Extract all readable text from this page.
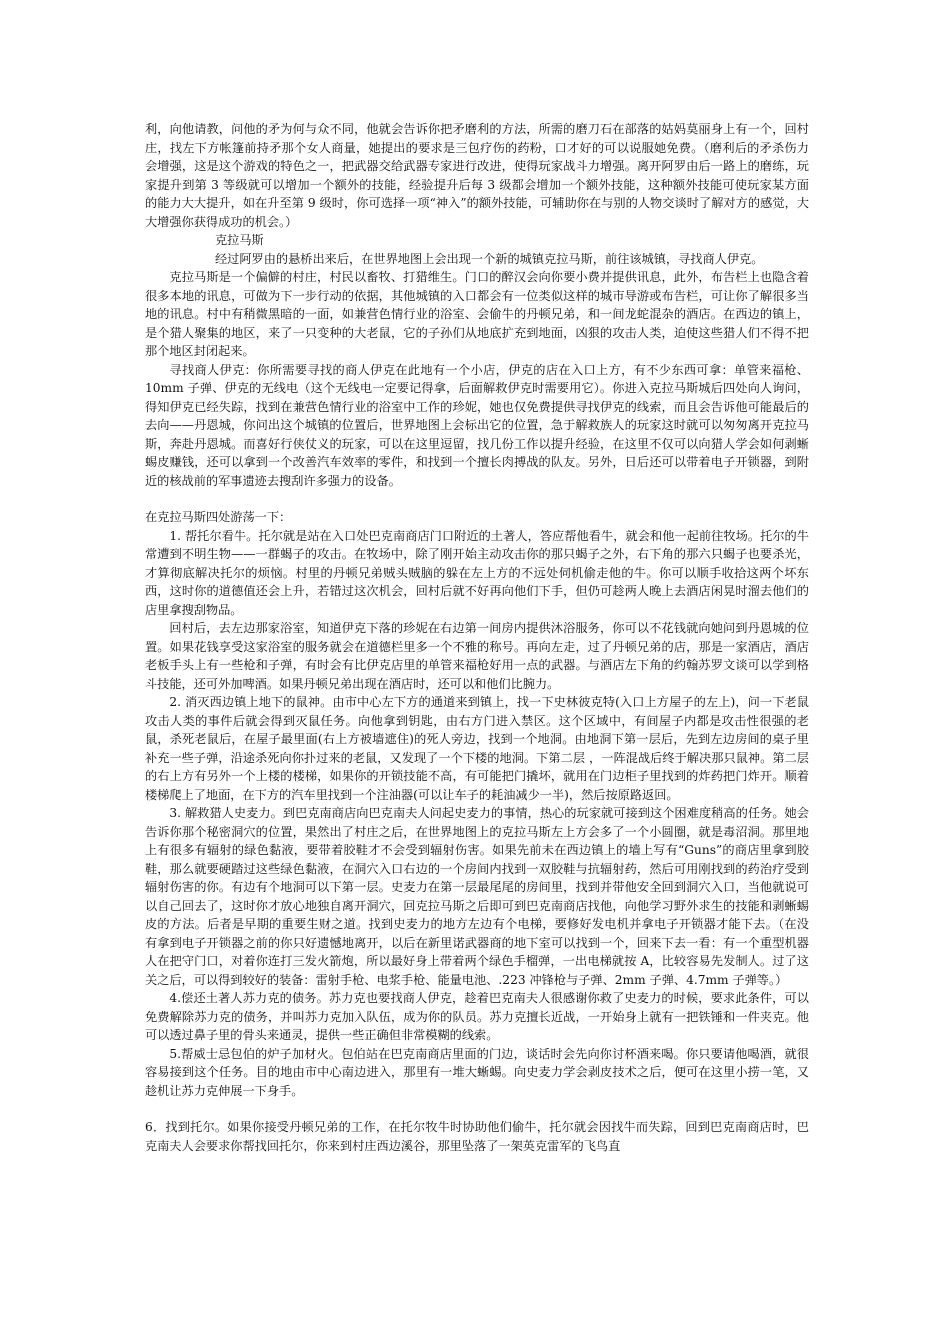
利，向他请教，问他的矛为何与众不同，他就会告诉你把矛磨利的方法，所需的磨刀石在部落的姑妈莫丽身上有一个，回村庄，找左下方帐篷前持矛那个女人商量，她提出的要求是三包疗伤的药粉，口才好的可以说服她免费。（磨利后的矛杀伤力会增强，这是这个游戏的特色之一，把武器交给武器专家进行改进，使得玩家战斗力增强。离开阿罗由后一路上的磨练，玩家提升到第 3 等级就可以增加一个额外的技能，经验提升后每 3 级都会增加一个额外技能，这种额外技能可使玩家某方面的能力大大提升，如在升至第 9 级时，你可选择一项“神入”的额外技能，可辅助你在与别的人物交谈时了解对方的感觉，大大增强你获得成功的机会。）

克拉马斯

经过阿罗由的悬桥出来后，在世界地图上会出现一个新的城镇克拉马斯，前往该城镇，寻找商人伊克。

克拉马斯是一个偏僻的村庄，村民以畜牧、打猎维生。门口的醉汉会向你要小费并提供讯息，此外，布告栏上也隐含着很多本地的讯息，可做为下一步行动的依据，其他城镇的入口都会有一位类似这样的城市导游或布告栏，可让你了解很多当地的讯息。村中有稍微黑暗的一面，如兼营色情行业的浴室、会偷牛的丹顿兄弟，和一间龙蛇混杂的酒店。在西边的镇上，是个猎人聚集的地区，来了一只变种的大老鼠，它的子孙们从地底扩充到地面，凶狠的攻击人类，迫使这些猎人们不得不把那个地区封闭起来。

寻找商人伊克：你所需要寻找的商人伊克在此地有一个小店，伊克的店在入口上方，有不少东西可拿：单管来福枪、10mm 子弹、伊克的无线电（这个无线电一定要记得拿，后面解救伊克时需要用它）。你进入克拉马斯城后四处向人询问，得知伊克已经失踪，找到在兼营色情行业的浴室中工作的珍妮，她也仅免费提供寻找伊克的线索，而且会告诉他可能最后的去向——丹恩城，你问出这个城镇的位置后，世界地图上会标出它的位置，急于解救族人的玩家这时就可以匆匆离开克拉马斯，奔赴丹恩城。而喜好行侠仗义的玩家，可以在这里逗留，找几份工作以提升经验，在这里不仅可以向猎人学会如何剥蜥蜴皮赚钱，还可以拿到一个改善汽车效率的零件，和找到一个擅长肉搏战的队友。另外，日后还可以带着电子开锁器，到附近的核战前的军事遗迹去搜刮许多强力的设备。

在克拉马斯四处游荡一下：

1. 帮托尔看牛。托尔就是站在入口处巴克南商店门口附近的土著人，答应帮他看牛，就会和他一起前往牧场。托尔的牛常遭到不明生物——一群蝎子的攻击。在牧场中，除了刚开始主动攻击你的那只蝎子之外，右下角的那六只蝎子也要杀光，才算彻底解决托尔的烦恼。村里的丹顿兄弟贼头贼脑的躲在左上方的不远处伺机偷走他的牛。你可以顺手收拾这两个坏东西，这时你的道德值还会上升，若错过这次机会，回村后就不好再向他们下手，但仍可趁两人晚上去酒店闲晃时溜去他们的店里拿搜刮物品。

回村后，去左边那家浴室，知道伊克下落的珍妮在右边第一间房内提供沐浴服务，你可以不花钱就向她问到丹恩城的位置。如果花钱享受这家浴室的服务就会在道德栏里多一个不雅的称号。再向左走，过了丹顿兄弟的店，那是一家酒店，酒店老板手头上有一些枪和子弹，有时会有比伊克店里的单管来福枪好用一点的武器。与酒店左下角的约翰苏罗文谈可以学到格斗技能，还可外加啤酒。如果丹顿兄弟出现在酒店时，还可以和他们比腕力。

2. 消灭西边镇上地下的鼠神。由市中心左下方的通道来到镇上，找一下史林彼克特(入口上方屋子的左上)，问一下老鼠攻击人类的事件后就会得到灭鼠任务。向他拿到钥匙，由右方门进入禁区。这个区域中，有间屋子内都是攻击性很强的老鼠，杀死老鼠后，在屋子最里面(右上方被墙遮住)的死人旁边，找到一个地洞。由地洞下第一层后，先到左边房间的桌子里补充一些子弹，沿途杀死向你扑过来的老鼠，又发现了一个下楼的地洞。下第二层 ，一阵混战后终于解决那只鼠神。第二层的右上方有另外一个上楼的楼梯，如果你的开锁技能不高，有可能把门撬坏，就用在门边柜子里找到的炸药把门炸开。顺着楼梯爬上了地面，在下方的汽车里找到一个注油器(可以让车子的耗油减少一半)，然后按原路返回。

3. 解救猎人史麦力。到巴克南商店向巴克南夫人问起史麦力的事情，热心的玩家就可接到这个困难度稍高的任务。她会告诉你那个秘密洞穴的位置，果然出了村庄之后，在世界地图上的克拉马斯左上方会多了一个小圆圈，就是毒沼洞。那里地上有很多有辐射的绿色黏液，要带着胶鞋才不会受到辐射伤害。如果先前未在西边镇上的墙上写有“Guns”的商店里拿到胶鞋，那么就要硬踏过这些绿色黏液，在洞穴入口右边的一个房间内找到一双胶鞋与抗辐射药，然后可用刚找到的药治疗受到辐射伤害的你。有边有个地洞可以下第一层。史麦力在第一层最尾尾的房间里，找到并带他安全回到洞穴入口，当他就说可以自己回去了，这时你才放心地独自离开洞穴，回克拉马斯之后即可到巴克南商店找他，向他学习野外求生的技能和剥蜥蜴皮的方法。后者是早期的重要生财之道。找到史麦力的地方左边有个电梯，要修好发电机并拿电子开锁器才能下去。（在没有拿到电子开锁器之前的你只好遗憾地离开，以后在新里诺武器商的地下室可以找到一个，回来下去一看：有一个重型机器人在把守门口，对着你连打三发火箭炮，所以最好身上带着两个绿色手榴弹，一出电梯就按 A，比较容易先发制人。过了这关之后，可以得到较好的装备：雷射手枪、电浆手枪、能量电池、.223 冲锋枪与子弹、2mm 子弹、4.7mm 子弹等。）

4.偿还土著人苏力克的债务。苏力克也要找商人伊克，趁着巴克南夫人很感谢你救了史麦力的时候，要求此条件，可以免费解除苏力克的债务，并叫苏力克加入队伍，成为你的队员。苏力克擅长近战，一开始身上就有一把铁锤和一件夹克。他可以透过鼻子里的骨头来通灵，提供一些正确但非常模糊的线索。

5.帮威士忌包伯的炉子加材火。包伯站在巴克南商店里面的门边，谈话时会先向你讨杯酒来喝。你只要请他喝酒，就很容易接到这个任务。目的地由市中心南边进入，那里有一堆大蜥蜴。向史麦力学会剥皮技术之后，便可在这里小捞一笔，又趁机让苏力克伸展一下身手。

6．找到托尔。如果你接受丹顿兄弟的工作，在托尔牧牛时协助他们偷牛，托尔就会因找牛而失踪，回到巴克南商店时，巴克南夫人会要求你帮找回托尔，你来到村庄西边溪谷，那里坠落了一架英克雷军的飞鸟直
